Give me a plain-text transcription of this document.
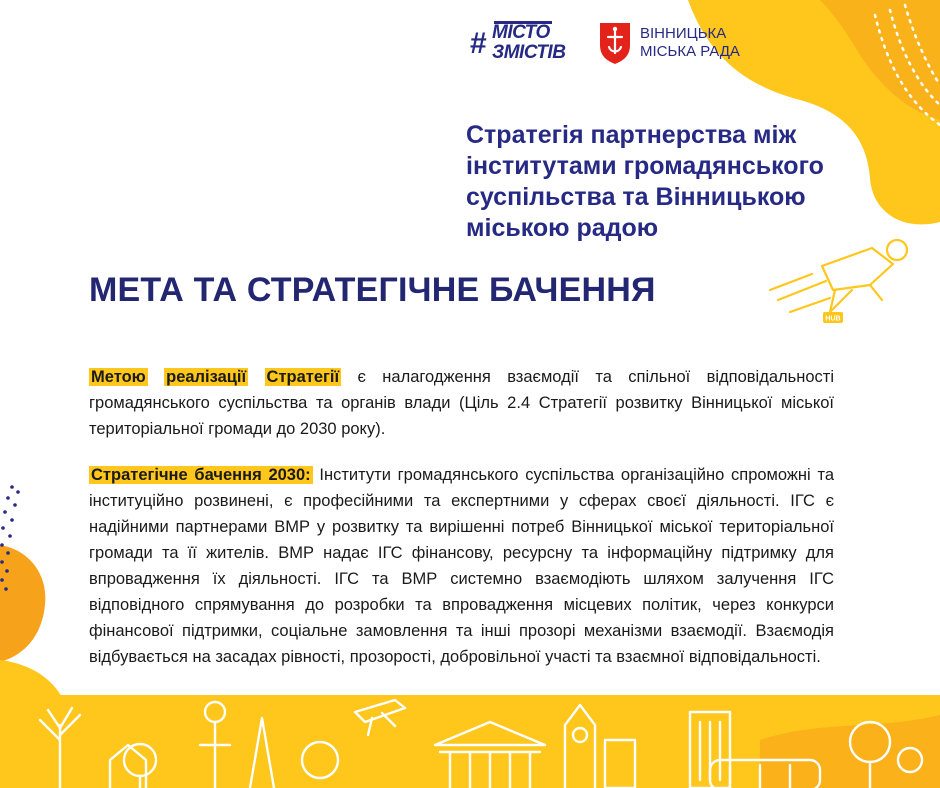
HUB
# МІСТО
ЗМІСТІВ
ВІННИЦЬКА
МІСЬКА РАДА
Стратегія партнерства між інститутами громадянського суспільства та Вінницькою міською радою
МЕТА ТА СТРАТЕГІЧНЕ БАЧЕННЯ

Метою реалізації Стратегії є налагодження взаємодії та спільної відповідальності громадянського суспільства та органів влади (Ціль 2.4 Стратегії розвитку Вінницької міської територіальної громади до 2030 року).

Стратегічне бачення 2030: Інститути громадянського суспільства організаційно спроможні та інституційно розвинені, є професійними та експертними у сферах своєї діяльності. ІГС є надійними партнерами ВМР у розвитку та вирішенні потреб Вінницької міської територіальної громади та її жителів. ВМР надає ІГС фінансову, ресурсну та інформаційну підтримку для впровадження їх діяльності. ІГС та ВМР системно взаємодіють шляхом залучення ІГС відповідного спрямування до розробки та впровадження місцевих політик, через конкурси фінансової підтримки, соціальне замовлення та інші прозорі механізми взаємодії. Взаємодія відбувається на засадах рівності, прозорості, добровільної участі та взаємної відповідальності.
